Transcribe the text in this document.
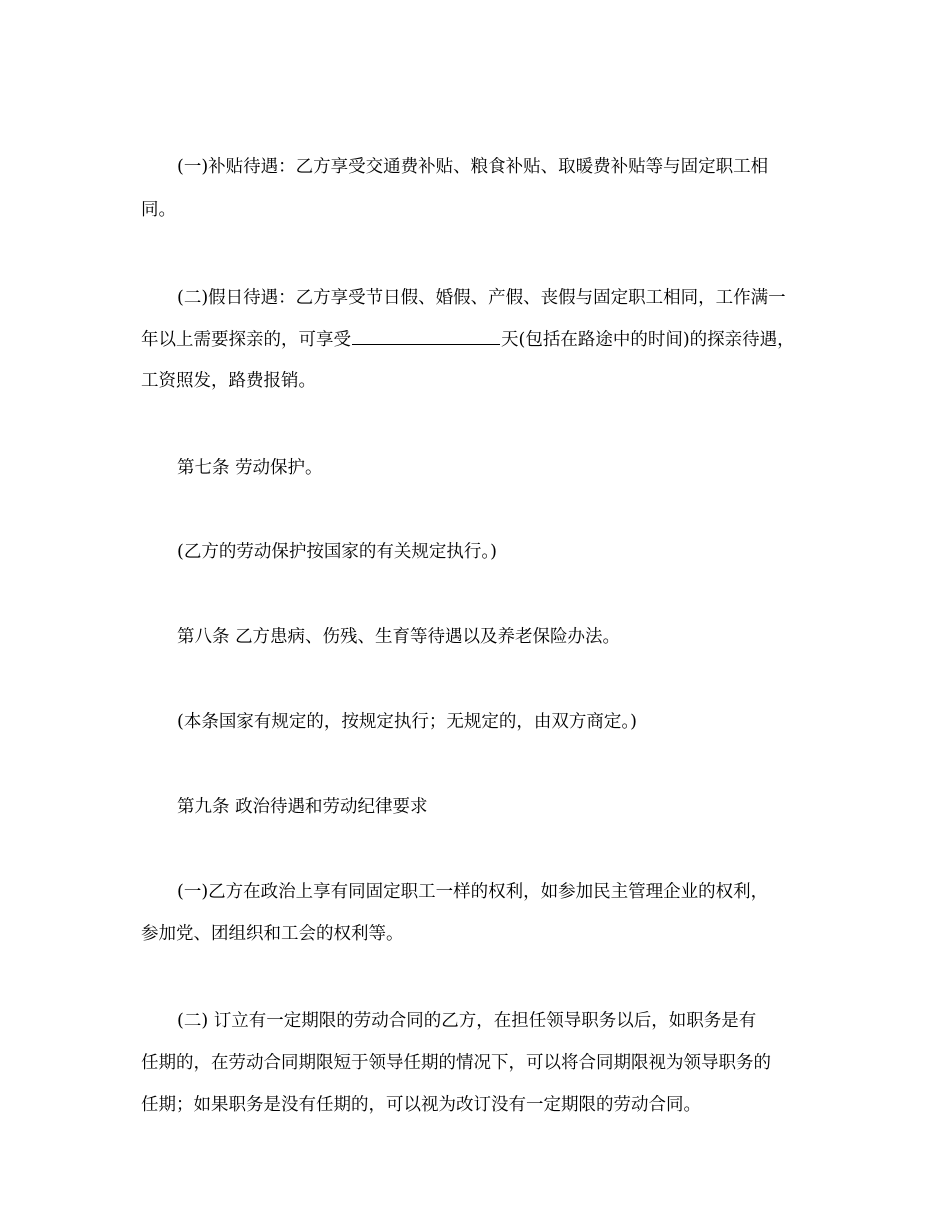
(一)补贴待遇：乙方享受交通费补贴、粮食补贴、取暖费补贴等与固定职工相
同。
(二)假日待遇：乙方享受节日假、婚假、产假、丧假与固定职工相同，工作满一
年以上需要探亲的，可享受	天(包括在路途中的时间)的探亲待遇，
工资照发，路费报销。
第七条 劳动保护。
(乙方的劳动保护按国家的有关规定执行。)
第八条 乙方患病、伤残、生育等待遇以及养老保险办法。
(本条国家有规定的，按规定执行；无规定的，由双方商定。)
第九条 政治待遇和劳动纪律要求
(一)乙方在政治上享有同固定职工一样的权利，如参加民主管理企业的权利，
参加党、团组织和工会的权利等。
(二) 订立有一定期限的劳动合同的乙方，在担任领导职务以后，如职务是有
任期的，在劳动合同期限短于领导任期的情况下，可以将合同期限视为领导职务的
任期；如果职务是没有任期的，可以视为改订没有一定期限的劳动合同。
